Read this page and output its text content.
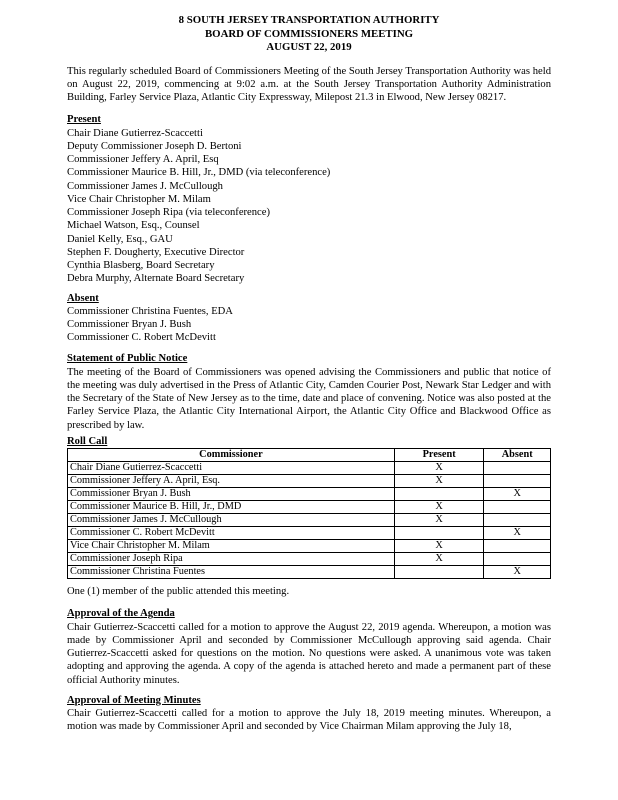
8 SOUTH JERSEY TRANSPORTATION AUTHORITY
BOARD OF COMMISSIONERS MEETING
AUGUST 22, 2019

This regularly scheduled Board of Commissioners Meeting of the South Jersey Transportation Authority was held on August 22, 2019, commencing at 9:02 a.m. at the South Jersey Transportation Authority Administration Building, Farley Service Plaza, Atlantic City Expressway, Milepost 21.3 in Elwood, New Jersey 08217.

Present
Chair Diane Gutierrez-Scaccetti
Deputy Commissioner Joseph D. Bertoni
Commissioner Jeffery A. April, Esq
Commissioner Maurice B. Hill, Jr., DMD (via teleconference)
Commissioner James J. McCullough
Vice Chair Christopher M. Milam
Commissioner Joseph Ripa (via teleconference)
Michael Watson, Esq., Counsel
Daniel Kelly, Esq., GAU
Stephen F. Dougherty, Executive Director
Cynthia Blasberg, Board Secretary
Debra Murphy, Alternate Board Secretary
Absent
Commissioner Christina Fuentes, EDA
Commissioner Bryan J. Bush
Commissioner C. Robert McDevitt
Statement of Public Notice

The meeting of the Board of Commissioners was opened advising the Commissioners and public that notice of the meeting was duly advertised in the Press of Atlantic City, Camden Courier Post, Newark Star Ledger and with the Secretary of the State of New Jersey as to the time, date and place of convening. Notice was also posted at the Farley Service Plaza, the Atlantic City International Airport, the Atlantic City Office and Blackwood Office as prescribed by law.

Roll Call
Commissioner	Present	Absent
Chair Diane Gutierrez-Scaccetti	X	
Commissioner Jeffery A. April, Esq.	X	
Commissioner Bryan J. Bush		X
Commissioner Maurice B. Hill, Jr., DMD	X	
Commissioner James J. McCullough	X	
Commissioner C. Robert McDevitt		X
Vice Chair Christopher M. Milam	X	
Commissioner Joseph Ripa	X	
Commissioner Christina Fuentes		X

One (1) member of the public attended this meeting.

Approval of the Agenda

Chair Gutierrez-Scaccetti called for a motion to approve the August 22, 2019 agenda. Whereupon, a motion was made by Commissioner April and seconded by Commissioner McCullough approving said agenda. Chair Gutierrez-Scaccetti asked for questions on the motion. No questions were asked. A unanimous vote was taken adopting and approving the agenda. A copy of the agenda is attached hereto and made a permanent part of these official Authority minutes.

Approval of Meeting Minutes

Chair Gutierrez-Scaccetti called for a motion to approve the July 18, 2019 meeting minutes. Whereupon, a motion was made by Commissioner April and seconded by Vice Chairman Milam approving the July 18,
